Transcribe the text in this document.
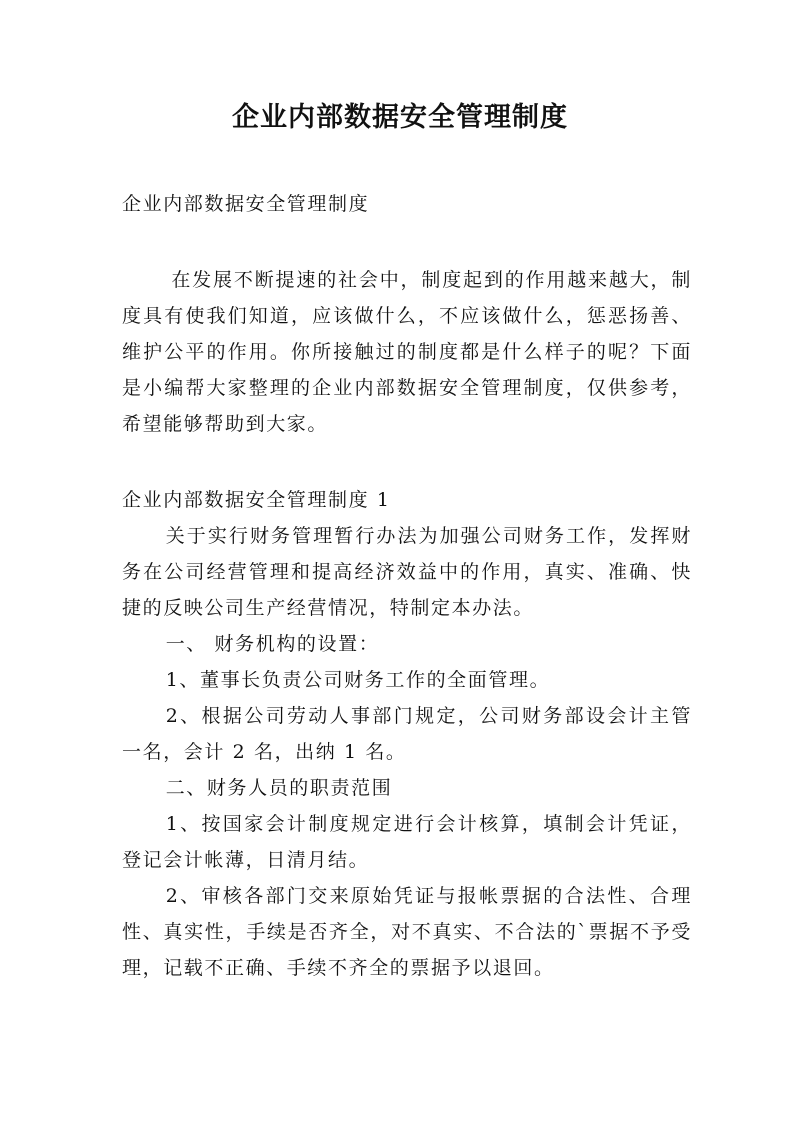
企业内部数据安全管理制度

企业内部数据安全管理制度

在发展不断提速的社会中，制度起到的作用越来越大，制度具有使我们知道，应该做什么，不应该做什么，惩恶扬善、维护公平的作用。你所接触过的制度都是什么样子的呢？下面是小编帮大家整理的企业内部数据安全管理制度，仅供参考，希望能够帮助到大家。

企业内部数据安全管理制度 1

关于实行财务管理暂行办法为加强公司财务工作，发挥财务在公司经营管理和提高经济效益中的作用，真实、准确、快捷的反映公司生产经营情况，特制定本办法。

一、 财务机构的设置：

1、董事长负责公司财务工作的全面管理。

2、根据公司劳动人事部门规定，公司财务部设会计主管一名，会计 2 名，出纳 1 名。

二、财务人员的职责范围

1、按国家会计制度规定进行会计核算，填制会计凭证，登记会计帐薄，日清月结。

2、审核各部门交来原始凭证与报帐票据的合法性、合理性、真实性，手续是否齐全，对不真实、不合法的`票据不予受理，记载不正确、手续不齐全的票据予以退回。
